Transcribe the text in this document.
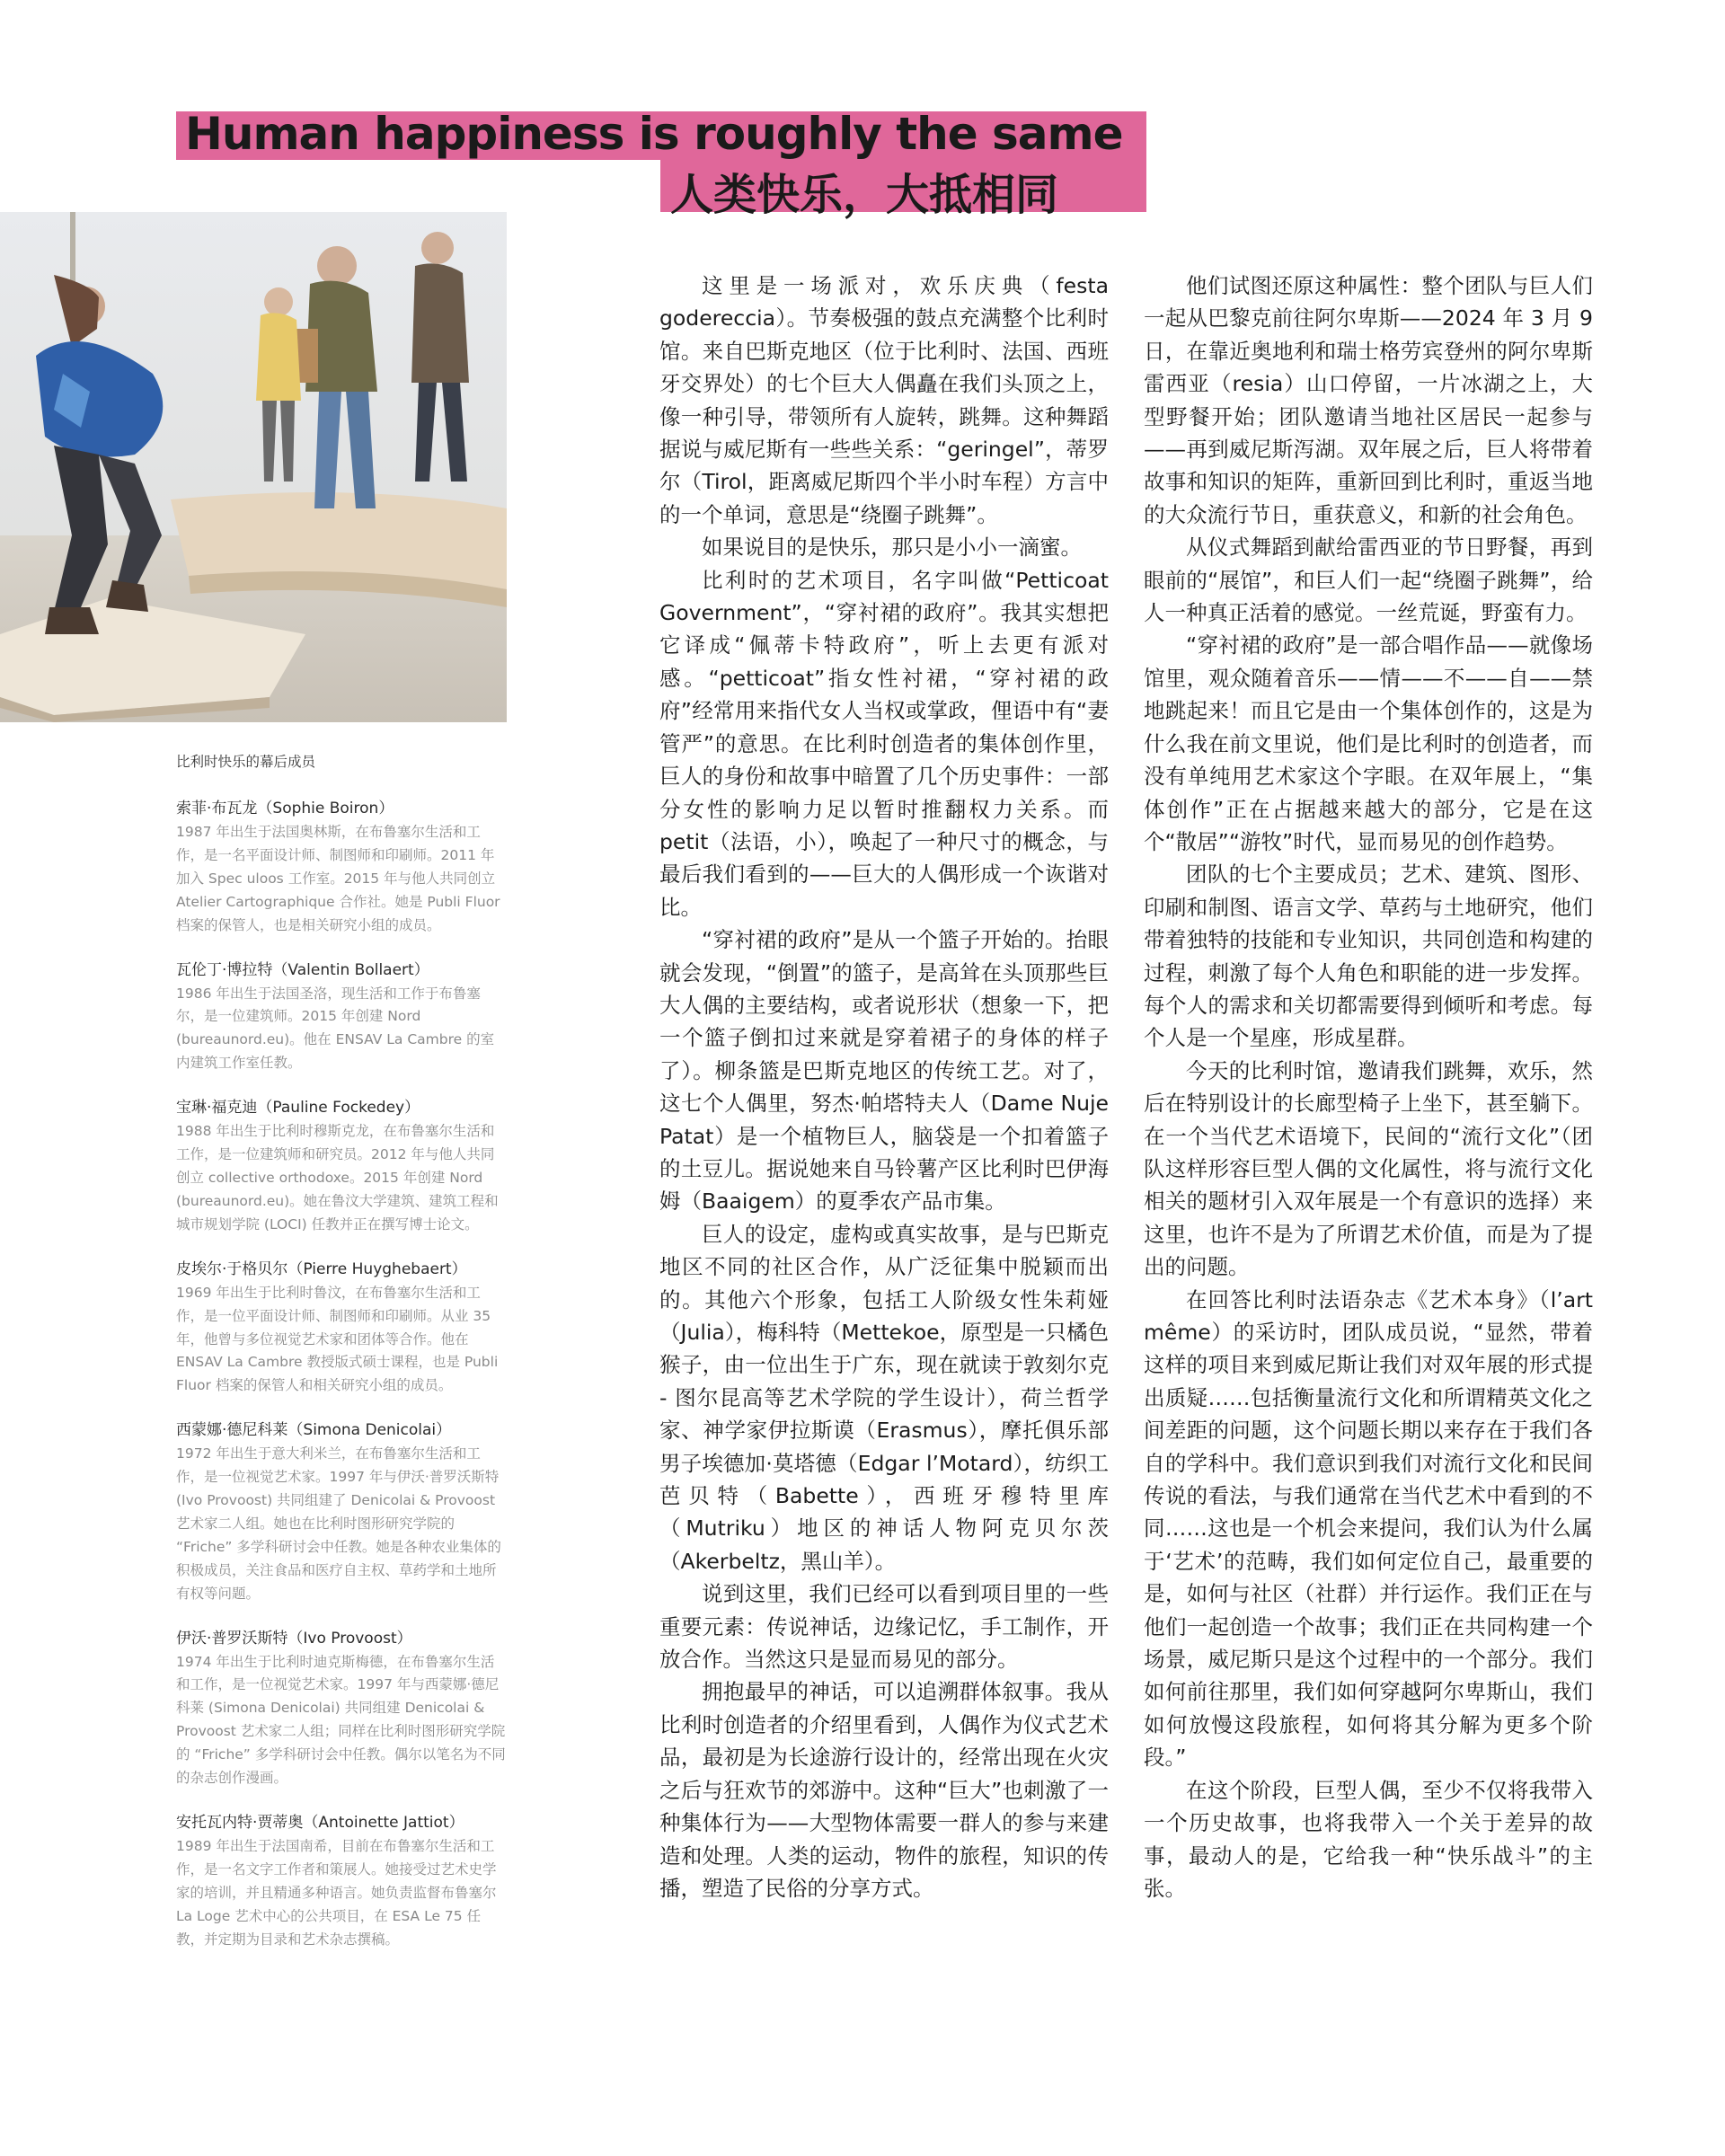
Human happiness is roughly the same
人类快乐，大抵相同

比利时快乐的幕后成员

索菲·布瓦龙（Sophie Boiron）

1987 年出生于法国奥林斯，在布鲁塞尔生活和工作，是一名平面设计师、制图师和印刷师。2011 年加入 Spec uloos 工作室。2015 年与他人共同创立 Atelier Cartographique 合作社。她是 Publi Fluor 档案的保管人，也是相关研究小组的成员。

瓦伦丁·博拉特（Valentin Bollaert）

1986 年出生于法国圣洛，现生活和工作于布鲁塞尔，是一位建筑师。2015 年创建 Nord (bureaunord.eu)。他在 ENSAV La Cambre 的室内建筑工作室任教。

宝琳·福克迪（Pauline Fockedey）

1988 年出生于比利时穆斯克龙，在布鲁塞尔生活和工作，是一位建筑师和研究员。2012 年与他人共同创立 collective orthodoxe。2015 年创建 Nord (bureaunord.eu)。她在鲁汶大学建筑、建筑工程和城市规划学院 (LOCI) 任教并正在撰写博士论文。

皮埃尔·于格贝尔（Pierre Huyghebaert）

1969 年出生于比利时鲁汶，在布鲁塞尔生活和工作，是一位平面设计师、制图师和印刷师。从业 35 年，他曾与多位视觉艺术家和团体等合作。他在 ENSAV La Cambre 教授版式硕士课程，也是 Publi Fluor 档案的保管人和相关研究小组的成员。

西蒙娜·德尼科莱（Simona Denicolai）

1972 年出生于意大利米兰，在布鲁塞尔生活和工作，是一位视觉艺术家。1997 年与伊沃·普罗沃斯特 (Ivo Provoost) 共同组建了 Denicolai & Provoost 艺术家二人组。她也在比利时图形研究学院的 “Friche” 多学科研讨会中任教。她是各种农业集体的积极成员，关注食品和医疗自主权、草药学和土地所有权等问题。

伊沃·普罗沃斯特（Ivo Provoost）

1974 年出生于比利时迪克斯梅德，在布鲁塞尔生活和工作，是一位视觉艺术家。1997 年与西蒙娜·德尼科莱 (Simona Denicolai) 共同组建 Denicolai & Provoost 艺术家二人组；同样在比利时图形研究学院的 “Friche” 多学科研讨会中任教。偶尔以笔名为不同的杂志创作漫画。

安托瓦内特·贾蒂奥（Antoinette Jattiot）

1989 年出生于法国南希，目前在布鲁塞尔生活和工作，是一名文字工作者和策展人。她接受过艺术史学家的培训，并且精通多种语言。她负责监督布鲁塞尔 La Loge 艺术中心的公共项目，在 ESA Le 75 任教，并定期为目录和艺术杂志撰稿。

这里是一场派对，欢乐庆典（festa godereccia）。节奏极强的鼓点充满整个比利时馆。来自巴斯克地区（位于比利时、法国、西班牙交界处）的七个巨大人偶矗在我们头顶之上，像一种引导，带领所有人旋转，跳舞。这种舞蹈据说与威尼斯有一些些关系：“geringel”，蒂罗尔（Tirol，距离威尼斯四个半小时车程）方言中的一个单词，意思是“绕圈子跳舞”。

如果说目的是快乐，那只是小小一滴蜜。

比利时的艺术项目，名字叫做“Petticoat Government”，“穿衬裙的政府”。我其实想把它译成“佩蒂卡特政府”，听上去更有派对感。“petticoat”指女性衬裙，“穿衬裙的政府”经常用来指代女人当权或掌政，俚语中有“妻管严”的意思。在比利时创造者的集体创作里，巨人的身份和故事中暗置了几个历史事件：一部分女性的影响力足以暂时推翻权力关系。而 petit（法语，小），唤起了一种尺寸的概念，与最后我们看到的——巨大的人偶形成一个诙谐对比。

“穿衬裙的政府”是从一个篮子开始的。抬眼就会发现，“倒置”的篮子，是高耸在头顶那些巨大人偶的主要结构，或者说形状（想象一下，把一个篮子倒扣过来就是穿着裙子的身体的样子了）。柳条篮是巴斯克地区的传统工艺。对了，这七个人偶里，努杰·帕塔特夫人（Dame Nuje Patat）是一个植物巨人，脑袋是一个扣着篮子的土豆儿。据说她来自马铃薯产区比利时巴伊海姆（Baaigem）的夏季农产品市集。

巨人的设定，虚构或真实故事，是与巴斯克地区不同的社区合作，从广泛征集中脱颖而出的。其他六个形象，包括工人阶级女性朱莉娅（Julia），梅科特（Mettekoe，原型是一只橘色猴子，由一位出生于广东，现在就读于敦刻尔克 - 图尔昆高等艺术学院的学生设计），荷兰哲学家、神学家伊拉斯谟（Erasmus），摩托俱乐部男子埃德加·莫塔德（Edgar l’Motard），纺织工芭贝特（Babette），西班牙穆特里库（Mutriku）地区的神话人物阿克贝尔茨（Akerbeltz，黑山羊）。

说到这里，我们已经可以看到项目里的一些重要元素：传说神话，边缘记忆，手工制作，开放合作。当然这只是显而易见的部分。

拥抱最早的神话，可以追溯群体叙事。我从比利时创造者的介绍里看到，人偶作为仪式艺术品，最初是为长途游行设计的，经常出现在火灾之后与狂欢节的郊游中。这种“巨大”也刺激了一种集体行为——大型物体需要一群人的参与来建造和处理。人类的运动，物件的旅程，知识的传播，塑造了民俗的分享方式。

他们试图还原这种属性：整个团队与巨人们一起从巴黎克前往阿尔卑斯——2024 年 3 月 9 日，在靠近奥地利和瑞士格劳宾登州的阿尔卑斯雷西亚（resia）山口停留，一片冰湖之上，大型野餐开始；团队邀请当地社区居民一起参与——再到威尼斯泻湖。双年展之后，巨人将带着故事和知识的矩阵，重新回到比利时，重返当地的大众流行节日，重获意义，和新的社会角色。

从仪式舞蹈到献给雷西亚的节日野餐，再到眼前的“展馆”，和巨人们一起“绕圈子跳舞”，给人一种真正活着的感觉。一丝荒诞，野蛮有力。

“穿衬裙的政府”是一部合唱作品——就像场馆里，观众随着音乐——情——不——自——禁地跳起来！而且它是由一个集体创作的，这是为什么我在前文里说，他们是比利时的创造者，而没有单纯用艺术家这个字眼。在双年展上，“集体创作”正在占据越来越大的部分，它是在这个“散居”“游牧”时代，显而易见的创作趋势。

团队的七个主要成员；艺术、建筑、图形、印刷和制图、语言文学、草药与土地研究，他们带着独特的技能和专业知识，共同创造和构建的过程，刺激了每个人角色和职能的进一步发挥。每个人的需求和关切都需要得到倾听和考虑。每个人是一个星座，形成星群。

今天的比利时馆，邀请我们跳舞，欢乐，然后在特别设计的长廊型椅子上坐下，甚至躺下。在一个当代艺术语境下，民间的“流行文化”（团队这样形容巨型人偶的文化属性，将与流行文化相关的题材引入双年展是一个有意识的选择）来这里，也许不是为了所谓艺术价值，而是为了提出的问题。

在回答比利时法语杂志《艺术本身》（l’art même）的采访时，团队成员说，“显然，带着这样的项目来到威尼斯让我们对双年展的形式提出质疑……包括衡量流行文化和所谓精英文化之间差距的问题，这个问题长期以来存在于我们各自的学科中。我们意识到我们对流行文化和民间传说的看法，与我们通常在当代艺术中看到的不同……这也是一个机会来提问，我们认为什么属于‘艺术’的范畴，我们如何定位自己，最重要的是，如何与社区（社群）并行运作。我们正在与他们一起创造一个故事；我们正在共同构建一个场景，威尼斯只是这个过程中的一个部分。我们如何前往那里，我们如何穿越阿尔卑斯山，我们如何放慢这段旅程，如何将其分解为更多个阶段。”

在这个阶段，巨型人偶，至少不仅将我带入一个历史故事，也将我带入一个关于差异的故事，最动人的是，它给我一种“快乐战斗”的主张。
